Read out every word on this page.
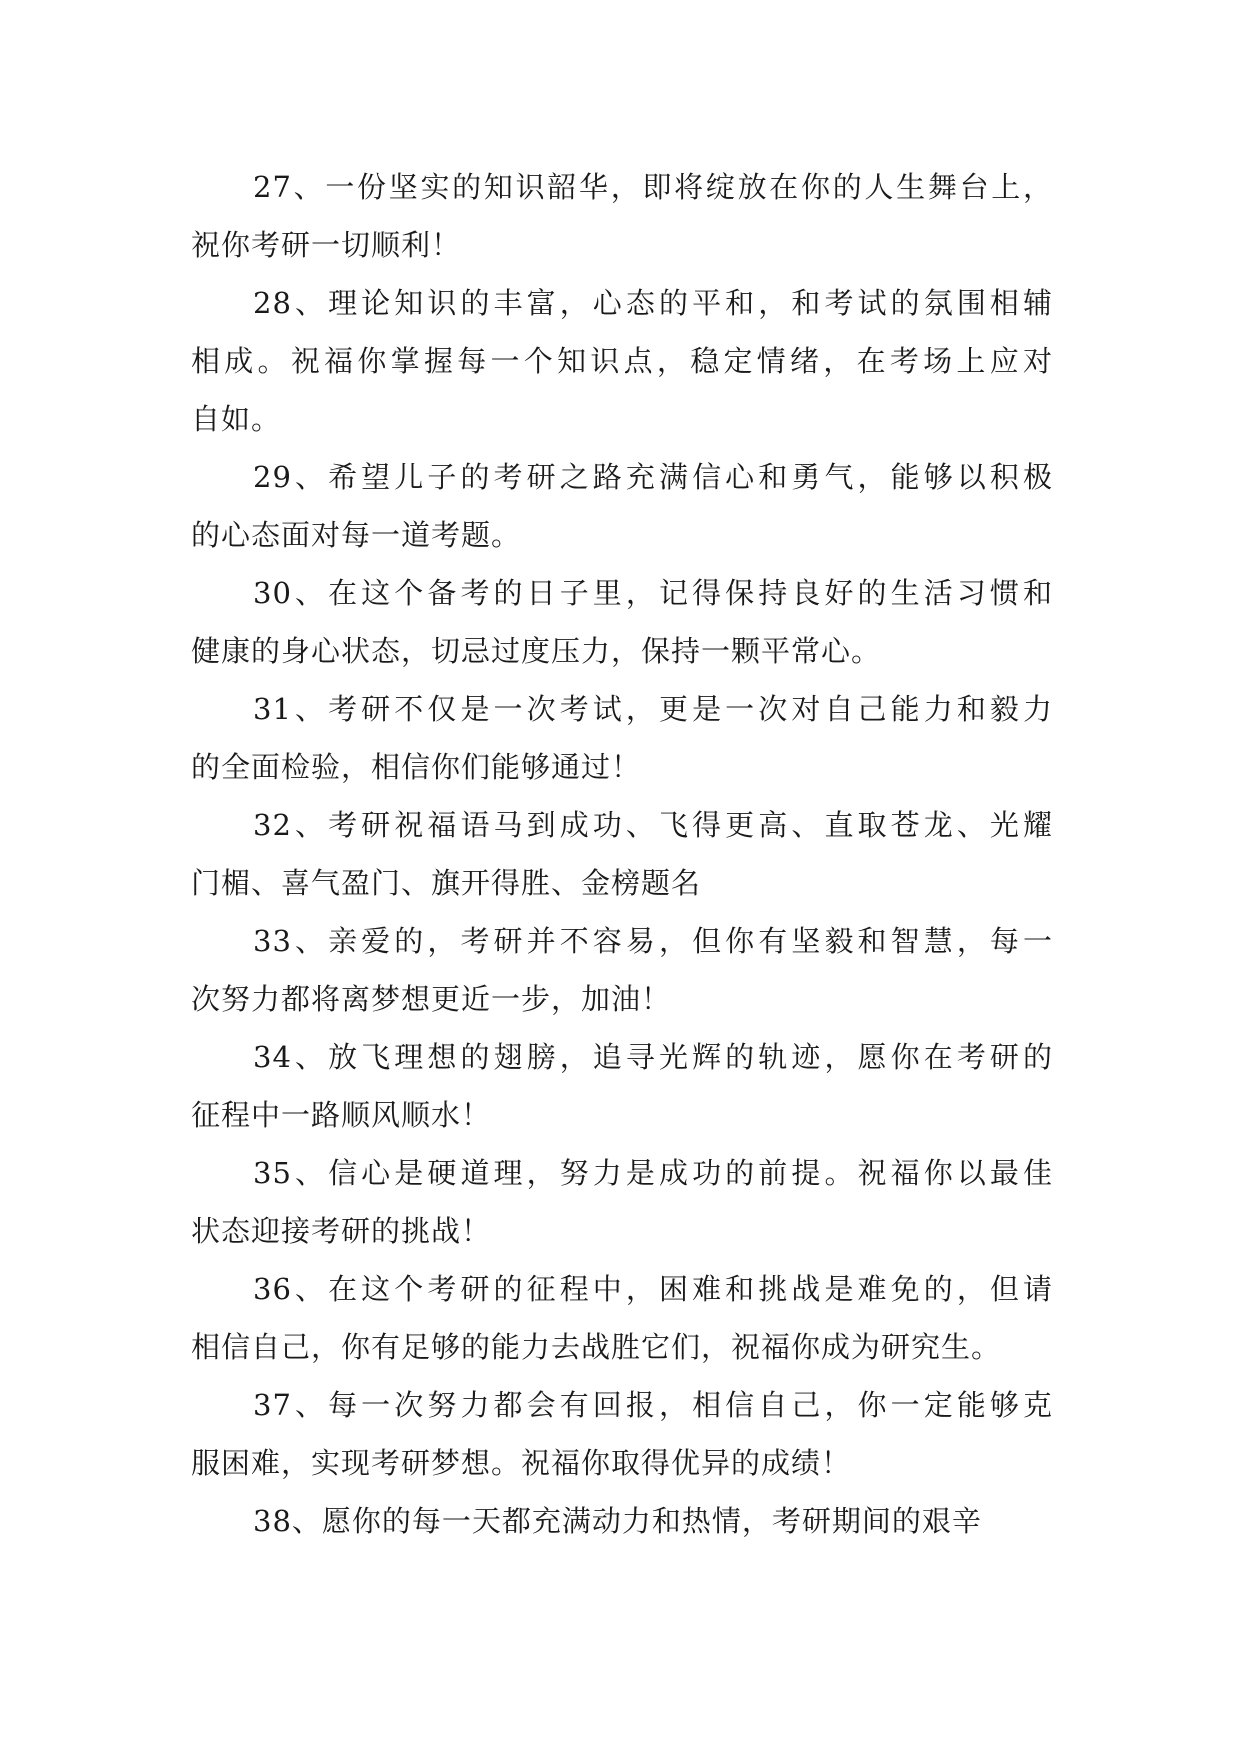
27、一份坚实的知识韶华，即将绽放在你的人生舞台上，
祝你考研一切顺利！

28、理论知识的丰富，心态的平和，和考试的氛围相辅
相成。祝福你掌握每一个知识点，稳定情绪，在考场上应对
自如。

29、希望儿子的考研之路充满信心和勇气，能够以积极
的心态面对每一道考题。

30、在这个备考的日子里，记得保持良好的生活习惯和
健康的身心状态，切忌过度压力，保持一颗平常心。

31、考研不仅是一次考试，更是一次对自己能力和毅力
的全面检验，相信你们能够通过！

32、考研祝福语马到成功、飞得更高、直取苍龙、光耀
门楣、喜气盈门、旗开得胜、金榜题名

33、亲爱的，考研并不容易，但你有坚毅和智慧，每一
次努力都将离梦想更近一步，加油！

34、放飞理想的翅膀，追寻光辉的轨迹，愿你在考研的
征程中一路顺风顺水！

35、信心是硬道理，努力是成功的前提。祝福你以最佳
状态迎接考研的挑战！

36、在这个考研的征程中，困难和挑战是难免的，但请
相信自己，你有足够的能力去战胜它们，祝福你成为研究生。

37、每一次努力都会有回报，相信自己，你一定能够克
服困难，实现考研梦想。祝福你取得优异的成绩！

38、愿你的每一天都充满动力和热情，考研期间的艰辛
